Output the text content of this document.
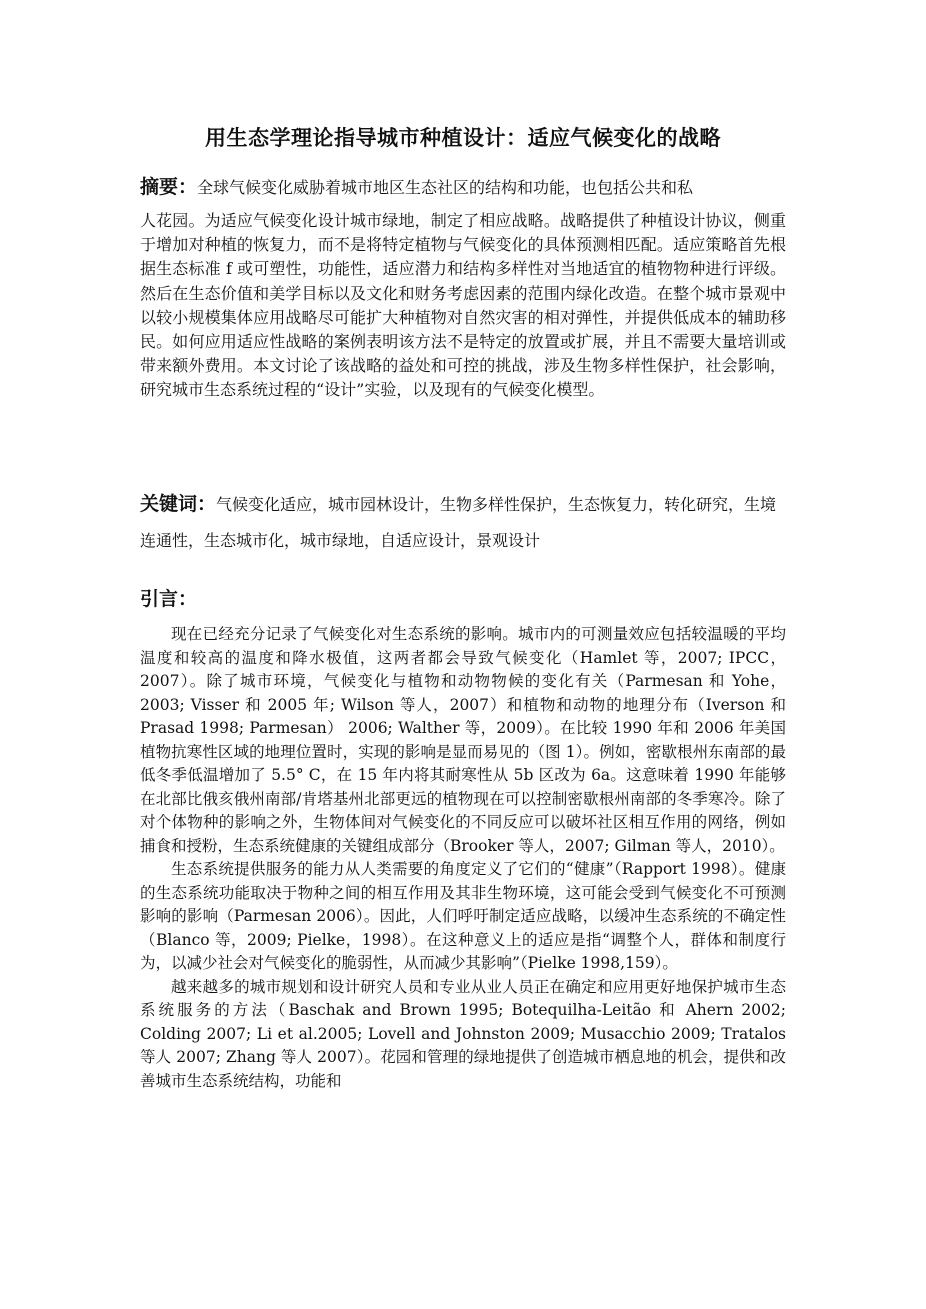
用生态学理论指导城市种植设计：适应气候变化的战略
摘要：全球气候变化威胁着城市地区生态社区的结构和功能，也包括公共和私
人花园。为适应气候变化设计城市绿地，制定了相应战略。战略提供了种植设计协议，侧重于增加对种植的恢复力，而不是将特定植物与气候变化的具体预测相匹配。适应策略首先根据生态标准 f 或可塑性，功能性，适应潜力和结构多样性对当地适宜的植物物种进行评级。然后在生态价值和美学目标以及文化和财务考虑因素的范围内绿化改造。在整个城市景观中以较小规模集体应用战略尽可能扩大种植物对自然灾害的相对弹性，并提供低成本的辅助移民。如何应用适应性战略的案例表明该方法不是特定的放置或扩展，并且不需要大量培训或带来额外费用。本文讨论了该战略的益处和可控的挑战，涉及生物多样性保护，社会影响，研究城市生态系统过程的“设计”实验，以及现有的气候变化模型。
关键词：气候变化适应，城市园林设计，生物多样性保护，生态恢复力，转化研究，生境连通性，生态城市化，城市绿地，自适应设计，景观设计
引言：

现在已经充分记录了气候变化对生态系统的影响。城市内的可测量效应包括较温暖的平均温度和较高的温度和降水极值，这两者都会导致气候变化（Hamlet 等，2007; IPCC，2007）。除了城市环境，气候变化与植物和动物物候的变化有关（Parmesan 和 Yohe，2003; Visser 和 2005 年; Wilson 等人，2007）和植物和动物的地理分布（Iverson 和 Prasad 1998; Parmesan） 2006; Walther 等，2009）。在比较 1990 年和 2006 年美国植物抗寒性区域的地理位置时，实现的影响是显而易见的（图 1）。例如，密歇根州东南部的最低冬季低温增加了 5.5° C，在 15 年内将其耐寒性从 5b 区改为 6a。这意味着 1990 年能够在北部比俄亥俄州南部/肯塔基州北部更远的植物现在可以控制密歇根州南部的冬季寒冷。除了对个体物种的影响之外，生物体间对气候变化的不同反应可以破坏社区相互作用的网络，例如捕食和授粉，生态系统健康的关键组成部分（Brooker 等人，2007; Gilman 等人，2010）。

生态系统提供服务的能力从人类需要的角度定义了它们的“健康”（Rapport 1998）。健康的生态系统功能取决于物种之间的相互作用及其非生物环境，这可能会受到气候变化不可预测影响的影响（Parmesan 2006）。因此，人们呼吁制定适应战略，以缓冲生态系统的不确定性（Blanco 等，2009; Pielke，1998）。在这种意义上的适应是指“调整个人，群体和制度行为，以减少社会对气候变化的脆弱性，从而减少其影响”（Pielke 1998,159）。

越来越多的城市规划和设计研究人员和专业从业人员正在确定和应用更好地保护城市生态系统服务的方法（Baschak and Brown 1995; Botequilha-Leitão 和 Ahern 2002; Colding 2007; Li et al.2005; Lovell and Johnston 2009; Musacchio 2009; Tratalos 等人 2007; Zhang 等人 2007）。花园和管理的绿地提供了创造城市栖息地的机会，提供和改善城市生态系统结构，功能和
